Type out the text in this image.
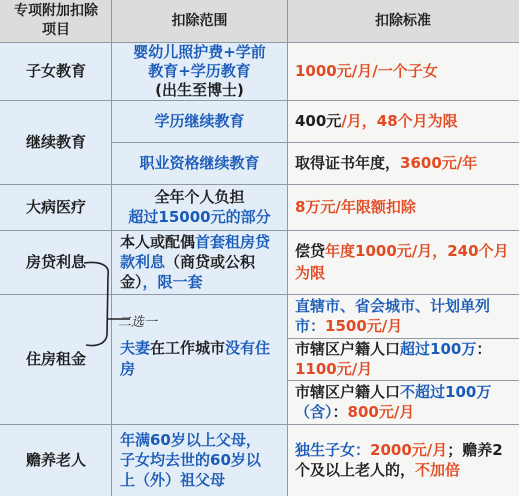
专项附加扣除
项目
扣除范围	扣除标准
子女教育
婴幼儿照护费+学前
教育+学历教育
(出生至博士)
1000元/月/一个子女
继续教育
学历继续教育	400元/月，48个月为限
职业资格继续教育 取得证书年度，3600元/年
大病医疗
全年个人负担
超过15000元的部分
8万元/年限额扣除
房贷利息
本人或配偶首套租房贷款利息（商贷或公积金），限一套
偿贷年度1000元/月，240个月为限
住房租金
夫妻在工作城市没有住房
直辖市、省会城市、计划单列市：1500元/月
市辖区户籍人口超过100万：1100元/月
市辖区户籍人口不超过100万（含）：800元/月
赡养老人
年满60岁以上父母，
子女均去世的60岁以
上（外）祖父母
独生子女：2000元/月；赡养2个及以上老人的，不加倍
二选一
